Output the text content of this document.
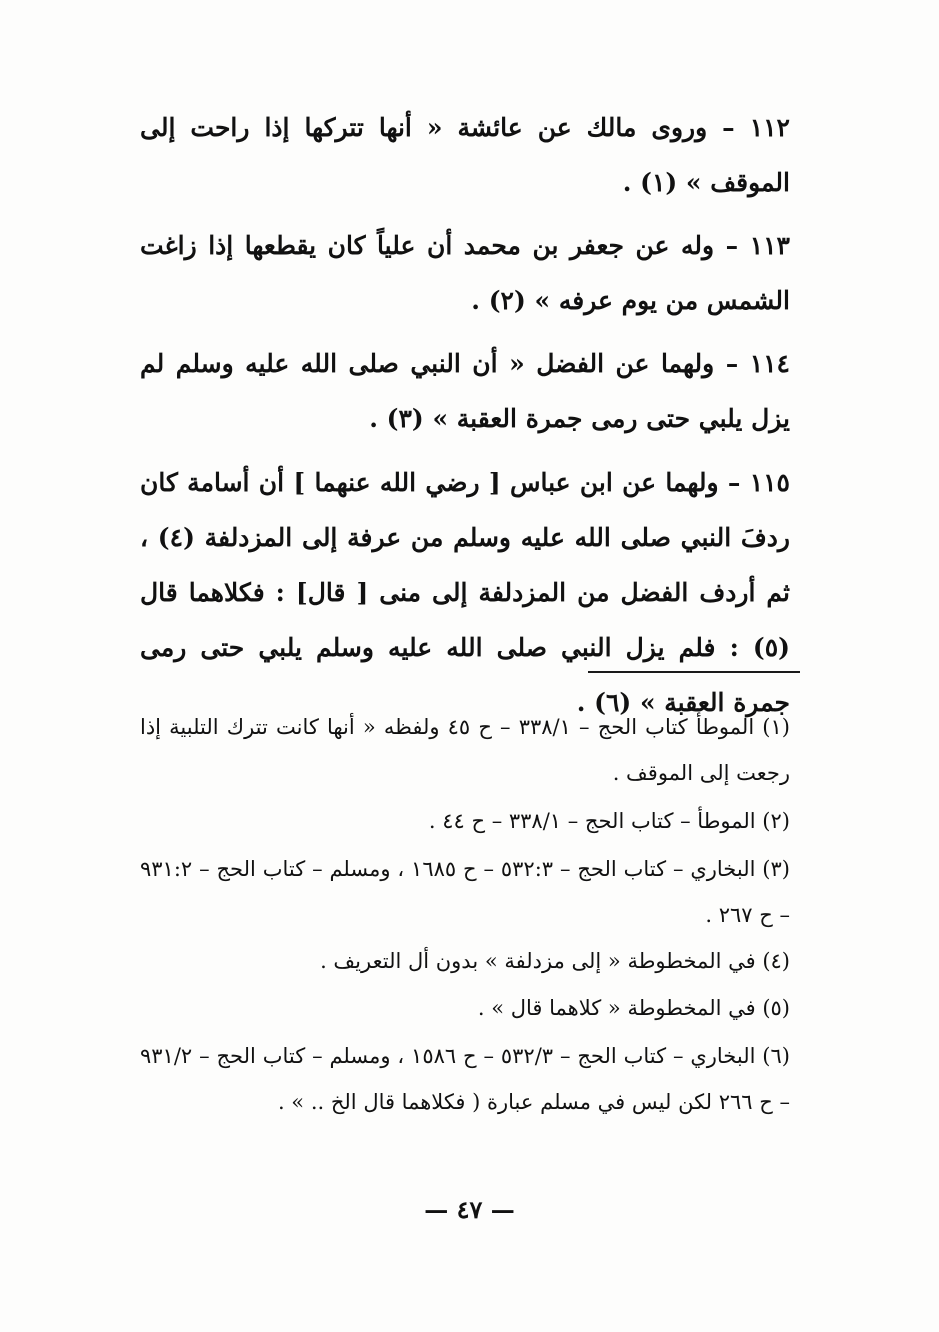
١١٢ – وروى مالك عن عائشة « أنها تتركها إذا راحت إلى الموقف » (١) .

١١٣ – وله عن جعفر بن محمد أن علياً كان يقطعها إذا زاغت الشمس من يوم عرفه » (٢) .

١١٤ – ولهما عن الفضل « أن النبي صلى الله عليه وسلم لم يزل يلبي حتى رمى جمرة العقبة » (٣) .

١١٥ – ولهما عن ابن عباس [ رضي الله عنهما ] أن أسامة كان ردفَ النبي صلى الله عليه وسلم من عرفة إلى المزدلفة (٤) ، ثم أردف الفضل من المزدلفة إلى منى [ قال] : فكلاهما قال (٥) : فلم يزل النبي صلى الله عليه وسلم يلبي حتى رمى جمرة العقبة » (٦) .

(١) الموطأ كتاب الحج – ٣٣٨/١ – ح ٤٥ ولفظه « أنها كانت تترك التلبية إذا رجعت إلى الموقف .

(٢) الموطأ – كتاب الحج – ٣٣٨/١ – ح ٤٤ .

(٣) البخاري – كتاب الحج – ٥٣٢:٣ – ح ١٦٨٥ ، ومسلم – كتاب الحج – ٩٣١:٢ – ح ٢٦٧ .

(٤) في المخطوطة « إلى مزدلفة » بدون أل التعريف .

(٥) في المخطوطة « كلاهما قال » .

(٦) البخاري – كتاب الحج – ٥٣٢/٣ – ح ١٥٨٦ ، ومسلم – كتاب الحج – ٩٣١/٢ – ح ٢٦٦ لكن ليس في مسلم عبارة ( فكلاهما قال الخ .. » .

— ٤٧ —
